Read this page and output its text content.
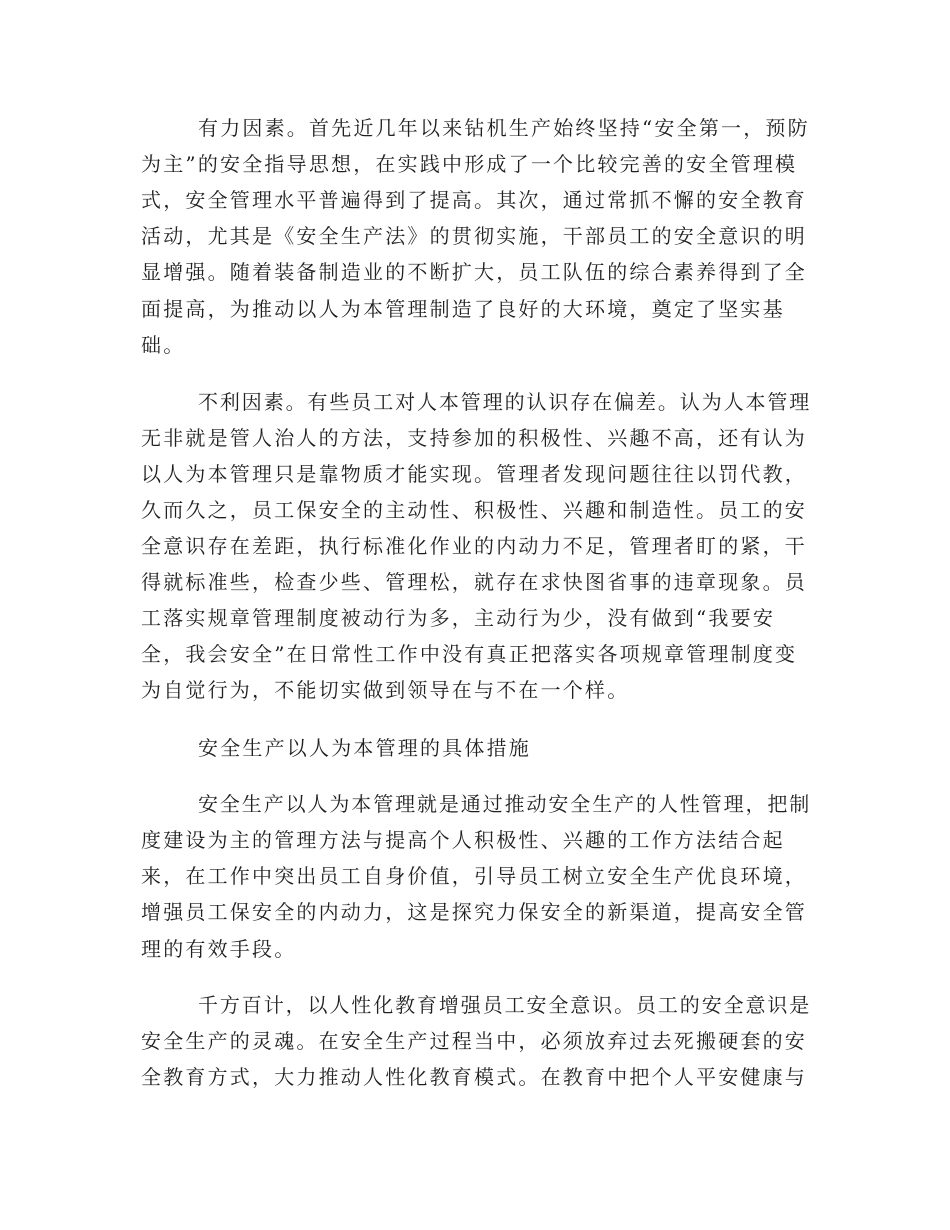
有力因素。首先近几年以来钻机生产始终坚持“安全第一，预防

为主”的安全指导思想，在实践中形成了一个比较完善的安全管理模

式，安全管理水平普遍得到了提高。其次，通过常抓不懈的安全教育

活动，尤其是《安全生产法》的贯彻实施，干部员工的安全意识的明

显增强。随着装备制造业的不断扩大，员工队伍的综合素养得到了全

面提高，为推动以人为本管理制造了良好的大环境，奠定了坚实基

础。

不利因素。有些员工对人本管理的认识存在偏差。认为人本管理

无非就是管人治人的方法，支持参加的积极性、兴趣不高，还有认为

以人为本管理只是靠物质才能实现。管理者发现问题往往以罚代教，

久而久之，员工保安全的主动性、积极性、兴趣和制造性。员工的安

全意识存在差距，执行标准化作业的内动力不足，管理者盯的紧，干

得就标准些，检查少些、管理松，就存在求快图省事的违章现象。员

工落实规章管理制度被动行为多，主动行为少，没有做到“我要安

全，我会安全”在日常性工作中没有真正把落实各项规章管理制度变

为自觉行为，不能切实做到领导在与不在一个样。

安全生产以人为本管理的具体措施

安全生产以人为本管理就是通过推动安全生产的人性管理，把制

度建设为主的管理方法与提高个人积极性、兴趣的工作方法结合起

来，在工作中突出员工自身价值，引导员工树立安全生产优良环境，

增强员工保安全的内动力，这是探究力保安全的新渠道，提高安全管

理的有效手段。

千方百计，以人性化教育增强员工安全意识。员工的安全意识是

安全生产的灵魂。在安全生产过程当中，必须放弃过去死搬硬套的安

全教育方式，大力推动人性化教育模式。在教育中把个人平安健康与
